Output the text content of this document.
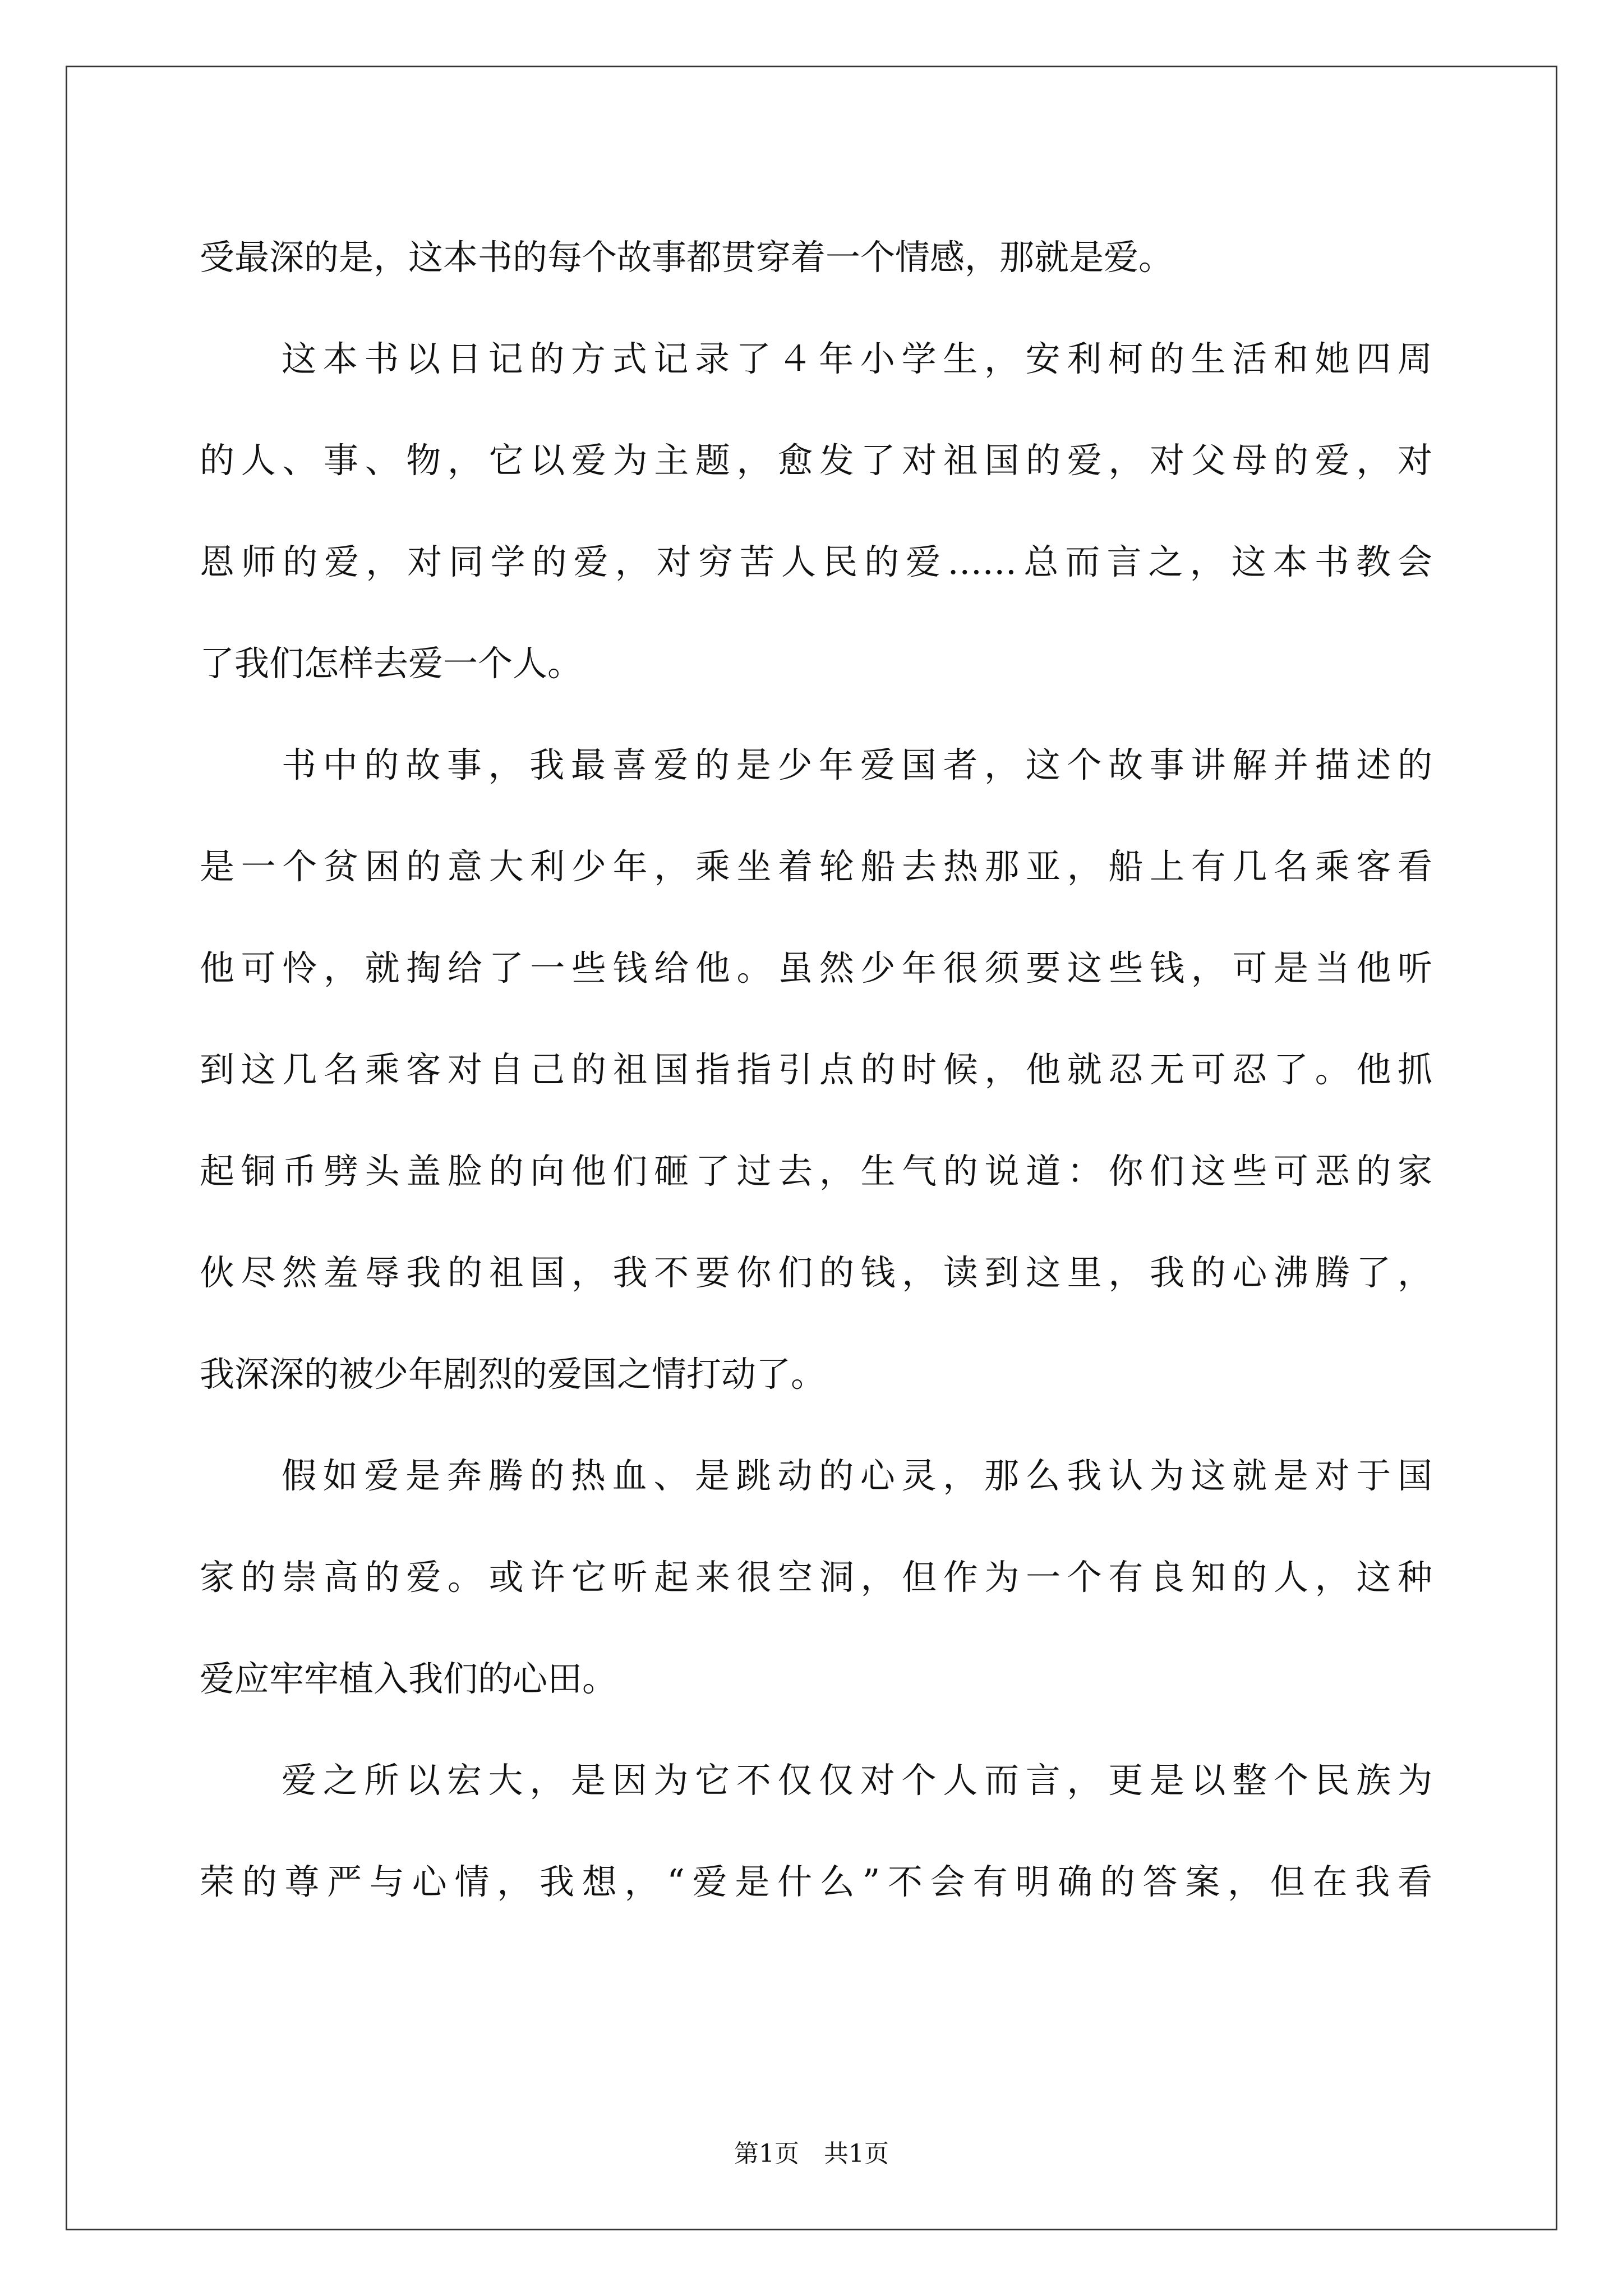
受最深的是，这本书的每个故事都贯穿着一个情感，那就是爱。
这本书以日记的方式记录了４年小学生，安利柯的生活和她四周
的人、事、物，它以爱为主题，愈发了对祖国的爱，对父母的爱，对
恩师的爱，对同学的爱，对穷苦人民的爱……总而言之，这本书教会
了我们怎样去爱一个人。
书中的故事，我最喜爱的是少年爱国者，这个故事讲解并描述的
是一个贫困的意大利少年，乘坐着轮船去热那亚，船上有几名乘客看
他可怜，就掏给了一些钱给他。虽然少年很须要这些钱，可是当他听
到这几名乘客对自己的祖国指指引点的时候，他就忍无可忍了。他抓
起铜币劈头盖脸的向他们砸了过去，生气的说道：你们这些可恶的家
伙尽然羞辱我的祖国，我不要你们的钱，读到这里，我的心沸腾了，
我深深的被少年剧烈的爱国之情打动了。
假如爱是奔腾的热血、是跳动的心灵，那么我认为这就是对于国
家的崇高的爱。或许它听起来很空洞，但作为一个有良知的人，这种
爱应牢牢植入我们的心田。
爱之所以宏大，是因为它不仅仅对个人而言，更是以整个民族为
荣的尊严与心情，我想，“爱是什么”不会有明确的答案，但在我看
第1页　共1页
